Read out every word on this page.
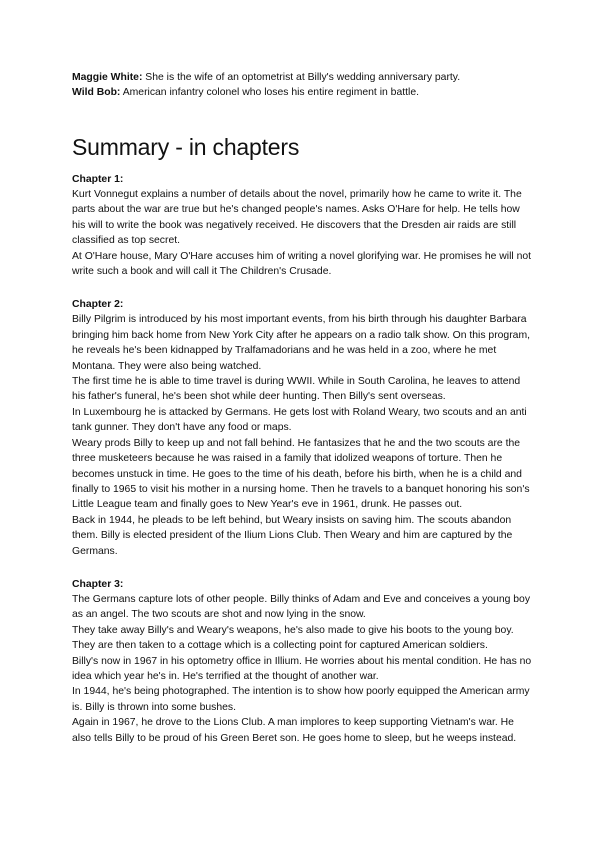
Maggie White: She is the wife of an optometrist at Billy's wedding anniversary party.

Wild Bob: American infantry colonel who loses his entire regiment in battle.

Summary - in chapters

Chapter 1:

Kurt Vonnegut explains a number of details about the novel, primarily how he came to write it. The parts about the war are true but he's changed people's names. Asks O'Hare for help. He tells how his will to write the book was negatively received. He discovers that the Dresden air raids are still classified as top secret.

At O'Hare house, Mary O'Hare accuses him of writing a novel glorifying war. He promises he will not write such a book and will call it The Children's Crusade.

Chapter 2:

Billy Pilgrim is introduced by his most important events, from his birth through his daughter Barbara bringing him back home from New York City after he appears on a radio talk show. On this program, he reveals he's been kidnapped by Tralfamadorians and he was held in a zoo, where he met Montana. They were also being watched.

The first time he is able to time travel is during WWII. While in South Carolina, he leaves to attend his father's funeral, he's been shot while deer hunting. Then Billy's sent overseas.

In Luxembourg he is attacked by Germans. He gets lost with Roland Weary, two scouts and an anti tank gunner. They don't have any food or maps.

Weary prods Billy to keep up and not fall behind. He fantasizes that he and the two scouts are the three musketeers because he was raised in a family that idolized weapons of torture. Then he becomes unstuck in time. He goes to the time of his death, before his birth, when he is a child and finally to 1965 to visit his mother in a nursing home. Then he travels to a banquet honoring his son's Little League team and finally goes to New Year's eve in 1961, drunk. He passes out.

Back in 1944, he pleads to be left behind, but Weary insists on saving him. The scouts abandon them. Billy is elected president of the Ilium Lions Club. Then Weary and him are captured by the Germans.

Chapter 3:

The Germans capture lots of other people. Billy thinks of Adam and Eve and conceives a young boy as an angel. The two scouts are shot and now lying in the snow.

They take away Billy's and Weary's weapons, he's also made to give his boots to the young boy. They are then taken to a cottage which is a collecting point for captured American soldiers.

Billy's now in 1967 in his optometry office in Illium. He worries about his mental condition. He has no idea which year he's in. He's terrified at the thought of another war.

In 1944, he's being photographed. The intention is to show how poorly equipped the American army is. Billy is thrown into some bushes.

Again in 1967, he drove to the Lions Club. A man implores to keep supporting Vietnam's war. He also tells Billy to be proud of his Green Beret son. He goes home to sleep, but he weeps instead.
